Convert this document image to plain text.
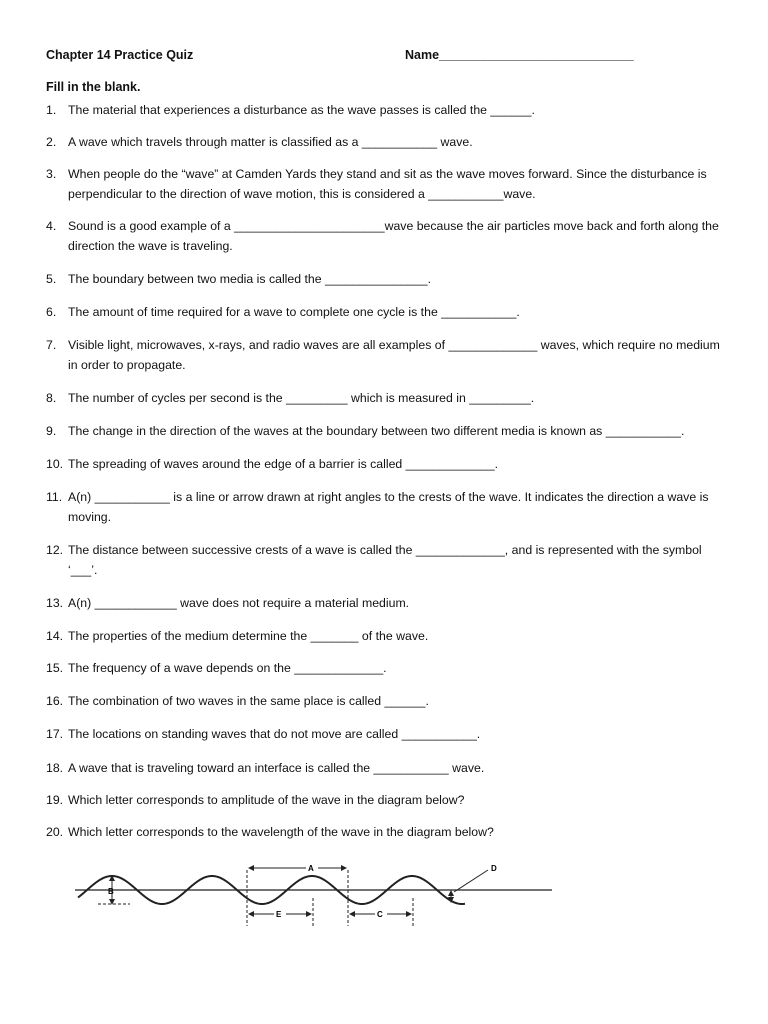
Chapter 14 Practice Quiz	Name____________________________
Fill in the blank.
1. The material that experiences a disturbance as the wave passes is called the ______.
2. A wave which travels through matter is classified as a ___________ wave.
3. When people do the “wave” at Camden Yards they stand and sit as the wave moves forward. Since the disturbance is perpendicular to the direction of wave motion, this is considered a ___________wave.
4. Sound is a good example of a ______________________wave because the air particles move back and forth along the direction the wave is traveling.
5. The boundary between two media is called the _______________.
6. The amount of time required for a wave to complete one cycle is the ___________.
7. Visible light, microwaves, x-rays, and radio waves are all examples of _____________ waves, which require no medium in order to propagate.
8. The number of cycles per second is the _________ which is measured in _________.
9. The change in the direction of the waves at the boundary between two different media is known as ___________.
10. The spreading of waves around the edge of a barrier is called _____________.
11. A(n) ___________ is a line or arrow drawn at right angles to the crests of the wave. It indicates the direction a wave is moving.
12. The distance between successive crests of a wave is called the _____________, and is represented with the symbol ‘___’.
13. A(n) ____________ wave does not require a material medium.
14. The properties of the medium determine the _______ of the wave.
15. The frequency of a wave depends on the _____________.
16. The combination of two waves in the same place is called ______.
17. The locations on standing waves that do not move are called ___________.
18. A wave that is traveling toward an interface is called the ___________ wave.
19. Which letter corresponds to amplitude of the wave in the diagram below?
20. Which letter corresponds to the wavelength of the wave in the diagram below?
B
A
E	C
D
